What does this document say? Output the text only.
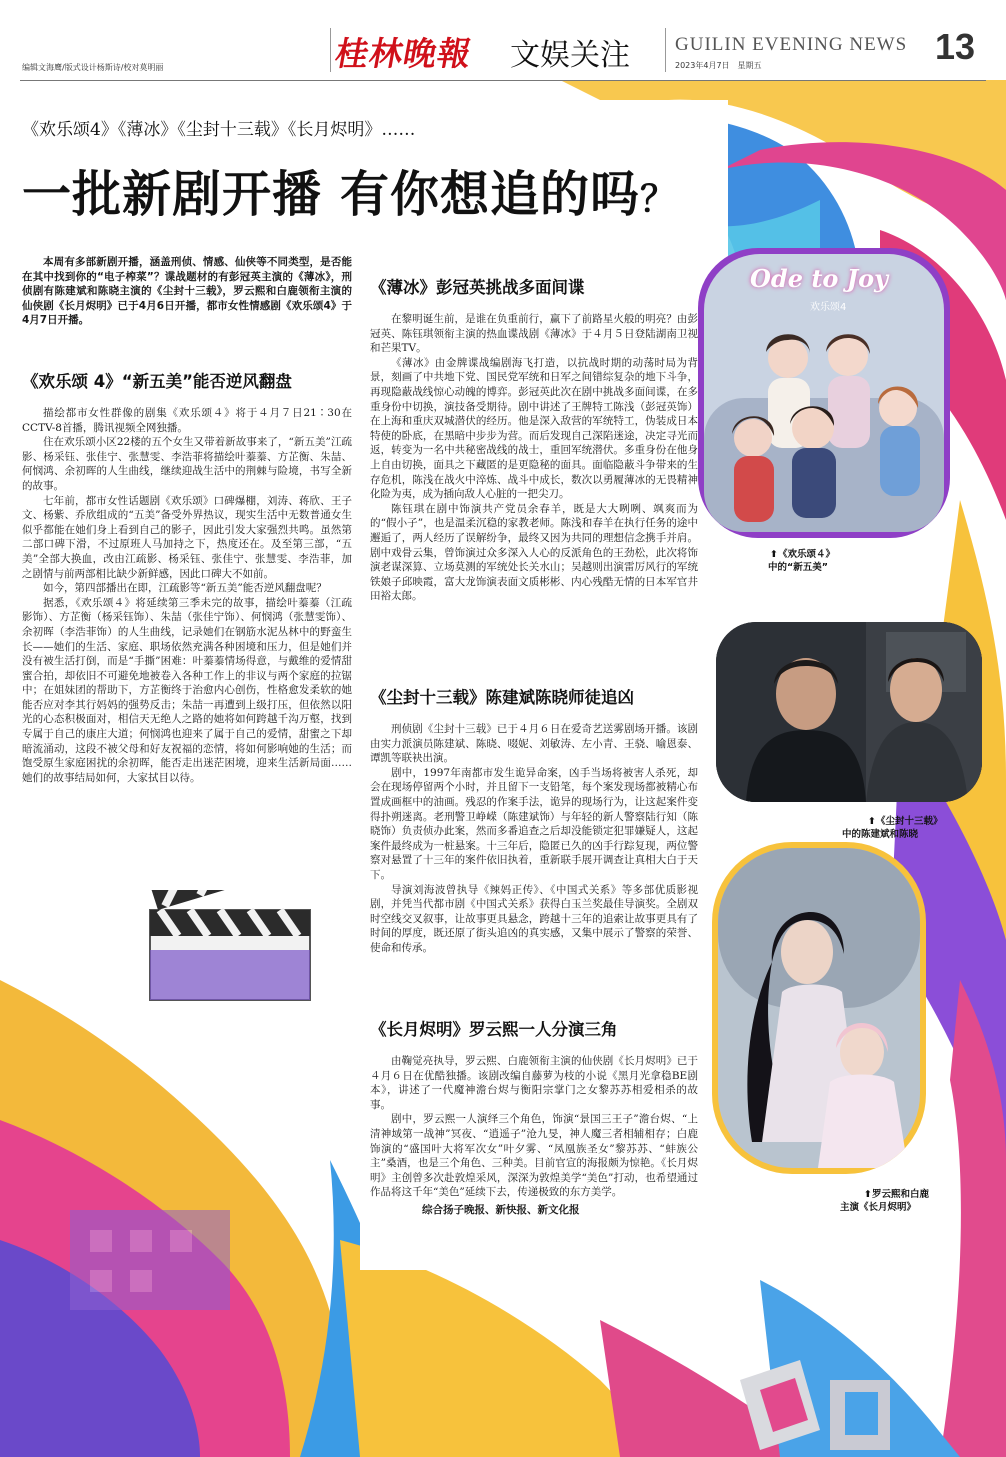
编辑文海鹰/版式设计杨斯诗/校对莫明丽	桂林晚報 文娱关注 GUILIN EVENING NEWS
2023年4月7日　星期五	13
《欢乐颂4》《薄冰》《尘封十三载》《长月烬明》……
一批新剧开播 有你想追的吗？

本周有多部新剧开播，涵盖刑侦、情感、仙侠等不同类型，是否能在其中找到你的“电子榨菜”？谍战题材的有彭冠英主演的《薄冰》，刑侦剧有陈建斌和陈晓主演的《尘封十三载》，罗云熙和白鹿领衔主演的仙侠剧《长月烬明》已于4月6日开播，都市女性情感剧《欢乐颂4》于4月7日开播。

《欢乐颂 4》“新五美”能否逆风翻盘

描绘都市女性群像的剧集《欢乐颂４》将于４月７日21∶30在CCTV-8首播，腾讯视频全网独播。

住在欢乐颂小区22楼的五个女生又带着新故事来了，“新五美”江疏影、杨采钰、张佳宁、张慧雯、李浩菲将描绘叶蓁蓁、方芷衡、朱喆、何悯鸿、余初晖的人生曲线，继续迎战生活中的荆棘与险境，书写全新的故事。

七年前，都市女性话题剧《欢乐颂》口碑爆棚，刘涛、蒋欣、王子文、杨紫、乔欣组成的“五美”备受外界热议，现实生活中无数普通女生似乎都能在她们身上看到自己的影子，因此引发大家强烈共鸣。虽然第二部口碑下滑，不过原班人马加持之下，热度还在。及至第三部，“五美”全部大换血，改由江疏影、杨采钰、张佳宁、张慧雯、李浩菲，加之剧情与前两部相比缺少新鲜感，因此口碑大不如前。

如今，第四部播出在即，江疏影等“新五美”能否逆风翻盘呢？

据悉，《欢乐颂４》将延续第三季未完的故事，描绘叶蓁蓁（江疏影饰）、方芷衡（杨采钰饰）、朱喆（张佳宁饰）、何悯鸿（张慧雯饰）、余初晖（李浩菲饰）的人生曲线，记录她们在钢筋水泥丛林中的野蛮生长——她们的生活、家庭、职场依然充满各种困境和压力，但是她们并没有被生活打倒，而是“手撕”困难：叶蓁蓁情场得意，与戴维的爱情甜蜜合拍，却依旧不可避免地被卷入各种工作上的非议与两个家庭的拉锯中；在姐妹团的帮助下，方芷衡终于治愈内心创伤，性格愈发柔软的她能否应对李其行妈妈的强势反击；朱喆一再遭到上级打压，但依然以阳光的心态积极面对，相信天无绝人之路的她将如何跨越千沟万壑，找到专属于自己的康庄大道；何悯鸿也迎来了属于自己的爱情，甜蜜之下却暗流涌动，这段不被父母和好友祝福的恋情，将如何影响她的生活；而饱受原生家庭困扰的余初晖，能否走出迷茫困境，迎来生活新局面……她们的故事结局如何，大家拭目以待。

《薄冰》彭冠英挑战多面间谍

在黎明诞生前，是谁在负重前行，赢下了前路星火般的明亮？由彭冠英、陈钰琪领衔主演的热血谍战剧《薄冰》于４月５日登陆湖南卫视和芒果TV。

《薄冰》由金牌谍战编剧海飞打造，以抗战时期的动荡时局为背景，刻画了中共地下党、国民党军统和日军之间错综复杂的地下斗争，再现隐蔽战线惊心动魄的博弈。彭冠英此次在剧中挑战多面间谍，在多重身份中切换，演技备受期待。剧中讲述了王牌特工陈浅（彭冠英饰）在上海和重庆双城潜伏的经历。他是深入敌营的军统特工，伪装成日本特使的卧底，在黑暗中步步为营。而后发现自己深陷迷途，决定寻光而返，转变为一名中共秘密战线的战士，重回军统潜伏。多重身份在他身上自由切换，面具之下藏匿的是更隐秘的面具。面临隐蔽斗争带来的生存危机，陈浅在战火中淬炼、战斗中成长，数次以勇履薄冰的无畏精神化险为夷，成为插向敌人心脏的一把尖刀。

陈钰琪在剧中饰演共产党员余春羊，既是大大咧咧、飒爽而为的“假小子”，也是温柔沉稳的家教老师。陈浅和春羊在执行任务的途中邂逅了，两人经历了误解纷争，最终又因为共同的理想信念携手并肩。剧中戏骨云集，曾饰演过众多深入人心的反派角色的王劲松，此次将饰演老谋深算、立场莫测的军统处长关水山；吴越则出演雷厉风行的军统铁娘子邱映霞，富大龙饰演表面文质彬彬、内心残酷无情的日本军官井田裕太郎。

《尘封十三载》陈建斌陈晓师徒追凶

刑侦剧《尘封十三载》已于４月６日在爱奇艺送雾剧场开播。该剧由实力派演员陈建斌、陈晓、啜妮、刘敏涛、左小青、王骁、喻恩泰、谭凯等联袂出演。

剧中，1997年南都市发生诡异命案，凶手当场将被害人杀死，却会在现场停留两个小时，并且留下一支铅笔，每个案发现场都被精心布置成画框中的油画。残忍的作案手法，诡异的现场行为，让这起案件变得扑朔迷离。老刑警卫峥嵘（陈建斌饰）与年轻的新人警察陆行知（陈晓饰）负责侦办此案，然而多番追查之后却没能锁定犯罪嫌疑人，这起案件最终成为一桩悬案。十三年后，隐匿已久的凶手行踪复现，两位警察对悬置了十三年的案件依旧执着，重新联手展开调查让真相大白于天下。

导演刘海波曾执导《辣妈正传》、《中国式关系》等多部优质影视剧，并凭当代都市剧《中国式关系》获得白玉兰奖最佳导演奖。全剧双时空线交叉叙事，让故事更具悬念，跨越十三年的追索让故事更具有了时间的厚度，既还原了街头追凶的真实感，又集中展示了警察的荣誉、使命和传承。

《长月烬明》罗云熙一人分演三角

由鞠觉亮执导，罗云熙、白鹿领衔主演的仙侠剧《长月烬明》已于４月６日在优酷独播。该剧改编自藤萝为枝的小说《黑月光拿稳BE剧本》，讲述了一代魔神澹台烬与衡阳宗掌门之女黎苏苏相爱相杀的故事。

剧中，罗云熙一人演绎三个角色，饰演“景国三王子”澹台烬、“上清神域第一战神”冥夜、“逍遥子”沧九旻，神人魔三者相辅相存；白鹿饰演的“盛国叶大将军次女”叶夕雾、“凤凰族圣女”黎苏苏、“蚌族公主”桑酒，也是三个角色、三种美。目前官宣的海报颇为惊艳。《长月烬明》主创曾多次赴敦煌采风，深深为敦煌美学“美色”打动，也希望通过作品将这千年“美色”延续下去，传递极致的东方美学。

综合扬子晚报、新快报、新文化报
Ode to Joy
欢乐颂4
⬆《欢乐颂４》
中的“新五美”
⬆《尘封十三载》
中的陈建斌和陈晓
⬆罗云熙和白鹿
主演《长月烬明》
